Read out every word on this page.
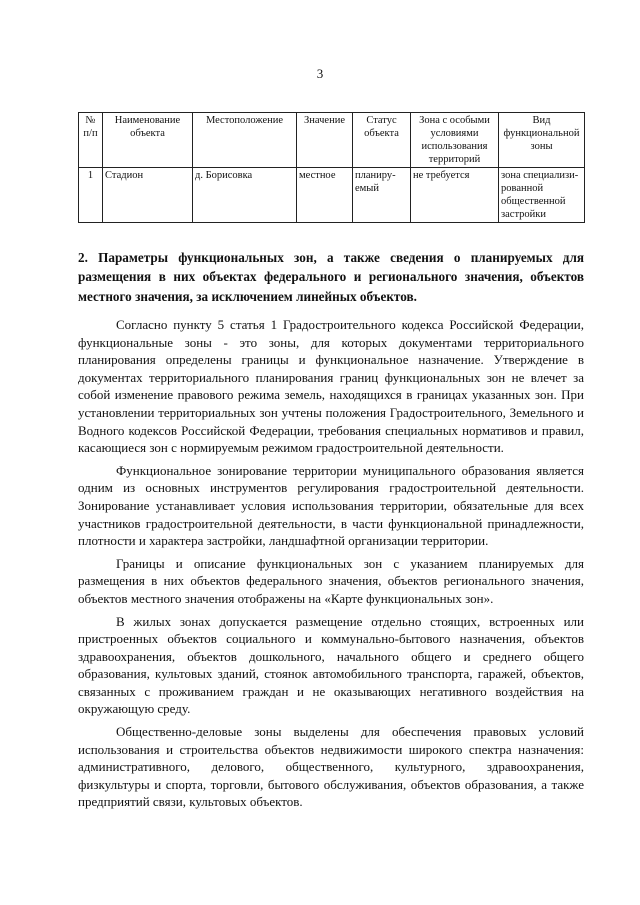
3
№ п/п	Наименование объекта	Местоположение	Значение	Статус объекта	Зона с особыми условиями использования территорий	Вид функциональной зоны
1	Стадион	д. Борисовка	местное	планиру-емый	не требуется	зона специализи-рованной общественной застройки
2. Параметры функциональных зон, а также сведения о планируемых для размещения в них объектах федерального и регионального значения, объектов местного значения, за исключением линейных объектов.

Согласно пункту 5 статья 1 Градостроительного кодекса Российской Федерации, функциональные зоны - это зоны, для которых документами территориального планирования определены границы и функциональное назначение. Утверждение в документах территориального планирования границ функциональных зон не влечет за собой изменение правового режима земель, находящихся в границах указанных зон. При установлении территориальных зон учтены положения Градостроительного, Земельного и Водного кодексов Российской Федерации, требования специальных нормативов и правил, касающиеся зон с нормируемым режимом градостроительной деятельности.

Функциональное зонирование территории муниципального образования является одним из основных инструментов регулирования градостроительной деятельности. Зонирование устанавливает условия использования территории, обязательные для всех участников градостроительной деятельности, в части функциональной принадлежности, плотности и характера застройки, ландшафтной организации территории.

Границы и описание функциональных зон с указанием планируемых для размещения в них объектов федерального значения, объектов регионального значения, объектов местного значения отображены на «Карте функциональных зон».

В жилых зонах допускается размещение отдельно стоящих, встроенных или пристроенных объектов социального и коммунально-бытового назначения, объектов здравоохранения, объектов дошкольного, начального общего и среднего общего образования, культовых зданий, стоянок автомобильного транспорта, гаражей, объектов, связанных с проживанием граждан и не оказывающих негативного воздействия на окружающую среду.

Общественно-деловые зоны выделены для обеспечения правовых условий использования и строительства объектов недвижимости широкого спектра назначения: административного, делового, общественного, культурного, здравоохранения, физкультуры и спорта, торговли, бытового обслуживания, объектов образования, а также предприятий связи, культовых объектов.
